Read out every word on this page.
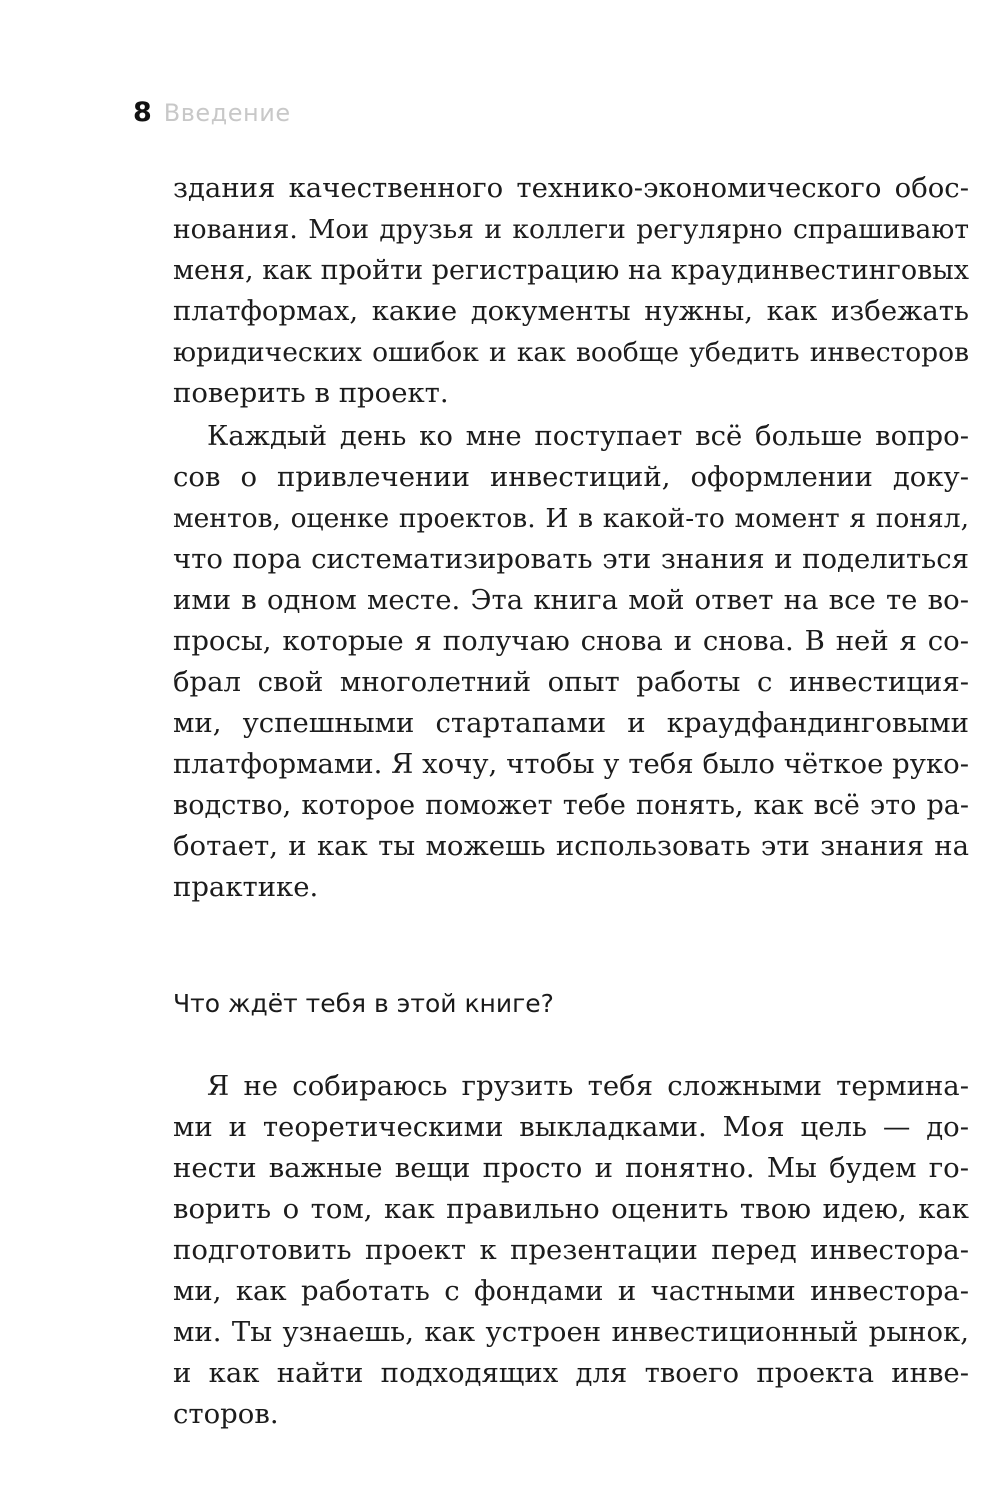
8 Введение
здания качественного технико-экономического обос-
нования. Мои друзья и коллеги регулярно спрашивают
меня, как пройти регистрацию на краудинвестинговых
платформах, какие документы нужны, как избежать
юридических ошибок и как вообще убедить инвесторов
поверить в проект.
Каждый день ко мне поступает всё больше вопро-
сов о привлечении инвестиций, оформлении доку-
ментов, оценке проектов. И в какой-то момент я понял,
что пора систематизировать эти знания и поделиться
ими в одном месте. Эта книга мой ответ на все те во-
просы, которые я получаю снова и снова. В ней я со-
брал свой многолетний опыт работы с инвестиция-
ми, успешными стартапами и краудфандинговыми
платформами. Я хочу, чтобы у тебя было чёткое руко-
водство, которое поможет тебе понять, как всё это ра-
ботает, и как ты можешь использовать эти знания на
практике.
Что ждёт тебя в этой книге?
Я не собираюсь грузить тебя сложными термина-
ми и теоретическими выкладками. Моя цель — до-
нести важные вещи просто и понятно. Мы будем го-
ворить о том, как правильно оценить твою идею, как
подготовить проект к презентации перед инвестора-
ми, как работать с фондами и частными инвестора-
ми. Ты узнаешь, как устроен инвестиционный рынок,
и как найти подходящих для твоего проекта инве-
сторов.
